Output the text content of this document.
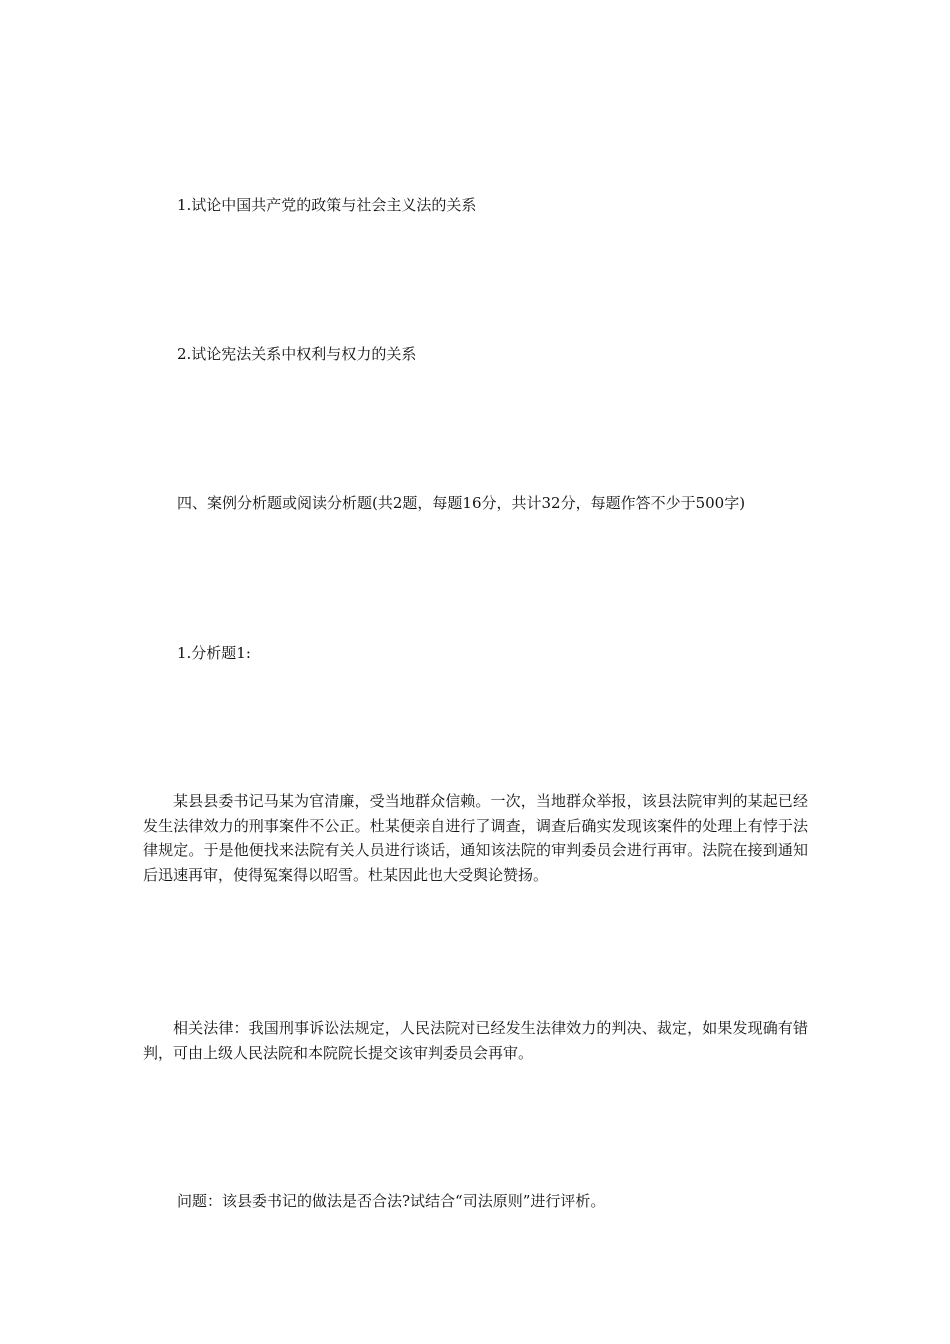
1.试论中国共产党的政策与社会主义法的关系
2.试论宪法关系中权利与权力的关系
四、案例分析题或阅读分析题(共2题，每题16分，共计32分，每题作答不少于500字)
1.分析题1:
某县县委书记马某为官清廉，受当地群众信赖。一次，当地群众举报，该县法院审判的某起已经发生法律效力的刑事案件不公正。杜某便亲自进行了调查，调查后确实发现该案件的处理上有悖于法律规定。于是他便找来法院有关人员进行谈话，通知该法院的审判委员会进行再审。法院在接到通知后迅速再审，使得冤案得以昭雪。杜某因此也大受舆论赞扬。
相关法律：我国刑事诉讼法规定，人民法院对已经发生法律效力的判决、裁定，如果发现确有错判，可由上级人民法院和本院院长提交该审判委员会再审。
问题：该县委书记的做法是否合法?试结合“司法原则”进行评析。
